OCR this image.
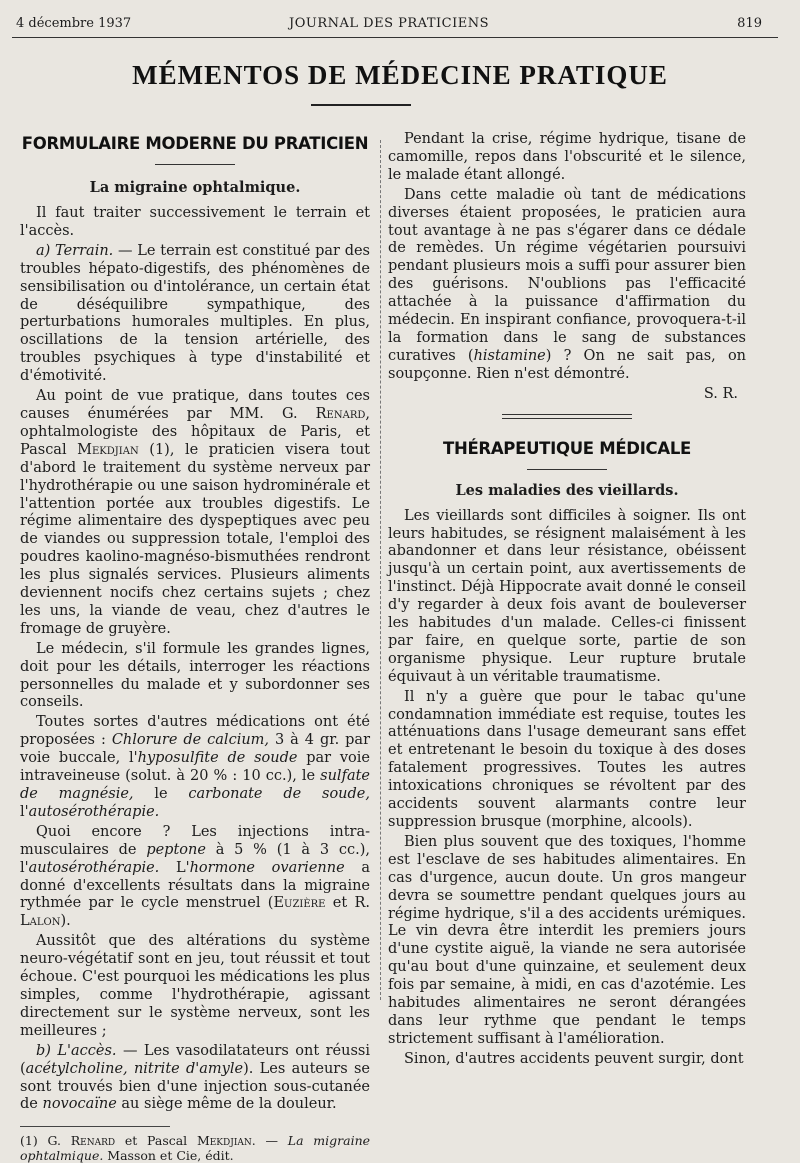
4 décembre 1937	JOURNAL DES PRATICIENS	819
MÉMENTOS DE MÉDECINE PRATIQUE
FORMULAIRE MODERNE DU PRATICIEN
La migraine ophtalmique.

Il faut traiter successivement le terrain et l'accès.

a) Terrain. — Le terrain est constitué par des troubles hépato-digestifs, des phénomènes de sensibilisation ou d'intolérance, un certain état de déséquilibre sympathique, des perturbations humorales multiples. En plus, oscillations de la tension artérielle, des troubles psychiques à type d'instabilité et d'émotivité.

Au point de vue pratique, dans toutes ces causes énumérées par MM. G. Renard, ophtalmologiste des hôpitaux de Paris, et Pascal Mekdjian (1), le praticien visera tout d'abord le traitement du système nerveux par l'hydrothérapie ou une saison hydrominérale et l'attention portée aux troubles digestifs. Le régime alimentaire des dyspeptiques avec peu de viandes ou suppression totale, l'emploi des poudres kaolino-magnéso-bismuthées rendront les plus signalés services. Plusieurs aliments deviennent nocifs chez certains sujets ; chez les uns, la viande de veau, chez d'autres le fromage de gruyère.

Le médecin, s'il formule les grandes lignes, doit pour les détails, interroger les réactions personnelles du malade et y subordonner ses conseils.

Toutes sortes d'autres médications ont été proposées : Chlorure de calcium, 3 à 4 gr. par voie buccale, l'hyposulfite de soude par voie intraveineuse (solut. à 20 % : 10 cc.), le sulfate de magnésie, le carbonate de soude, l'autosérothérapie.

Quoi encore ? Les injections intra-musculaires de peptone à 5 % (1 à 3 cc.), l'autosérothérapie. L'hormone ovarienne a donné d'excellents résultats dans la migraine rythmée par le cycle menstruel (Euzière et R. Lalon).

Aussitôt que des altérations du système neuro-végétatif sont en jeu, tout réussit et tout échoue. C'est pourquoi les médications les plus simples, comme l'hydrothérapie, agissant directement sur le système nerveux, sont les meilleures ;

b) L'accès. — Les vasodilatateurs ont réussi (acétylcholine, nitrite d'amyle). Les auteurs se sont trouvés bien d'une injection sous-cutanée de novocaïne au siège même de la douleur.

(1) G. Renard et Pascal Mekdjian. — La migraine ophtalmique. Masson et Cie, édit.

Pendant la crise, régime hydrique, tisane de camomille, repos dans l'obscurité et le silence, le malade étant allongé.

Dans cette maladie où tant de médications diverses étaient proposées, le praticien aura tout avantage à ne pas s'égarer dans ce dédale de remèdes. Un régime végétarien poursuivi pendant plusieurs mois a suffi pour assurer bien des guérisons. N'oublions pas l'efficacité attachée à la puissance d'affirmation du médecin. En inspirant confiance, provoquera-t-il la formation dans le sang de substances curatives (histamine) ? On ne sait pas, on soupçonne. Rien n'est démontré.

S. R.
THÉRAPEUTIQUE MÉDICALE
Les maladies des vieillards.

Les vieillards sont difficiles à soigner. Ils ont leurs habitudes, se résignent malaisément à les abandonner et dans leur résistance, obéissent jusqu'à un certain point, aux avertissements de l'instinct. Déjà Hippocrate avait donné le conseil d'y regarder à deux fois avant de bouleverser les habitudes d'un malade. Celles-ci finissent par faire, en quelque sorte, partie de son organisme physique. Leur rupture brutale équivaut à un véritable traumatisme.

Il n'y a guère que pour le tabac qu'une condamnation immédiate est requise, toutes les atténuations dans l'usage demeurant sans effet et entretenant le besoin du toxique à des doses fatalement progressives. Toutes les autres intoxications chroniques se révoltent par des accidents souvent alarmants contre leur suppression brusque (morphine, alcools).

Bien plus souvent que des toxiques, l'homme est l'esclave de ses habitudes alimentaires. En cas d'urgence, aucun doute. Un gros mangeur devra se soumettre pendant quelques jours au régime hydrique, s'il a des accidents urémiques. Le vin devra être interdit les premiers jours d'une cystite aiguë, la viande ne sera autorisée qu'au bout d'une quinzaine, et seulement deux fois par semaine, à midi, en cas d'azotémie. Les habitudes alimentaires ne seront dérangées dans leur rythme que pendant le temps strictement suffisant à l'amélioration.

Sinon, d'autres accidents peuvent surgir, dont
